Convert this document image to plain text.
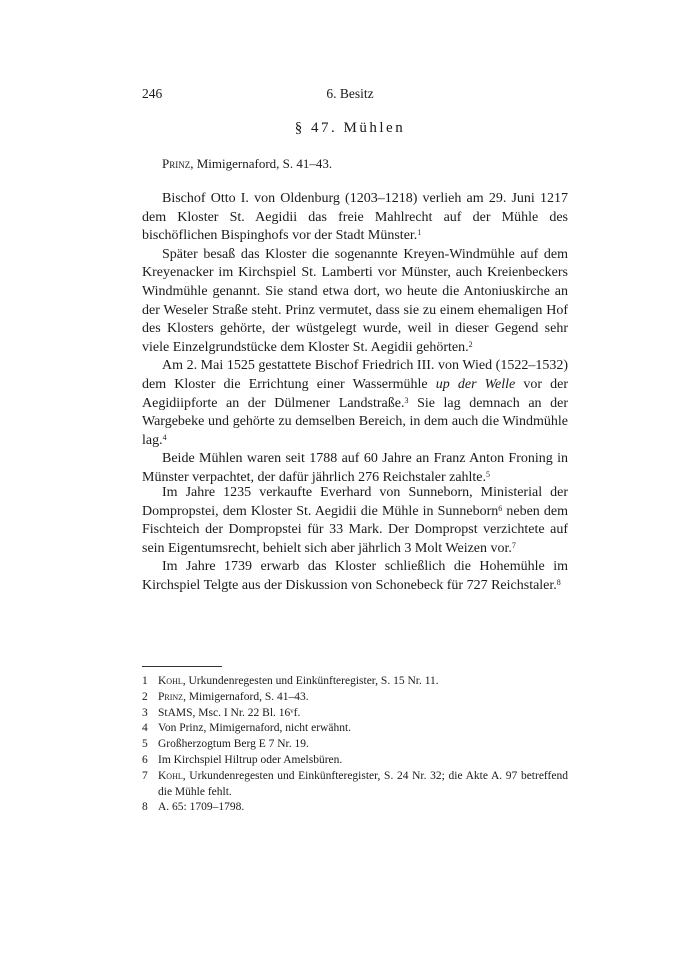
246	6. Besitz
§ 47. Mühlen
Prinz, Mimigernaford, S. 41–43.

Bischof Otto I. von Oldenburg (1203–1218) verlieh am 29. Juni 1217 dem Kloster St. Aegidii das freie Mahlrecht auf der Mühle des bischöflichen Bispinghofs vor der Stadt Münster.$^1$

Später besaß das Kloster die sogenannte Kreyen-Windmühle auf dem Kreyenacker im Kirchspiel St. Lamberti vor Münster, auch Kreienbeckers Windmühle genannt. Sie stand etwa dort, wo heute die Antoniuskirche an der Weseler Straße steht. Prinz vermutet, dass sie zu einem ehemaligen Hof des Klosters gehörte, der wüstgelegt wurde, weil in dieser Gegend sehr viele Einzelgrundstücke dem Kloster St. Aegidii gehörten.$^2$

Am 2. Mai 1525 gestattete Bischof Friedrich III. von Wied (1522–1532) dem Kloster die Errichtung einer Wassermühle up der Welle vor der Aegidiipforte an der Dülmener Landstraße.$^3$ Sie lag demnach an der Wargebeke und gehörte zu demselben Bereich, in dem auch die Windmühle lag.$^4$

Beide Mühlen waren seit 1788 auf 60 Jahre an Franz Anton Froning in Münster verpachtet, der dafür jährlich 276 Reichstaler zahlte.$^5$

Im Jahre 1235 verkaufte Everhard von Sunneborn, Ministerial der Dompropstei, dem Kloster St. Aegidii die Mühle in Sunneborn$^6$ neben dem Fischteich der Dompropstei für 33 Mark. Der Dompropst verzichtete auf sein Eigentumsrecht, behielt sich aber jährlich 3 Molt Weizen vor.$^7$

Im Jahre 1739 erwarb das Kloster schließlich die Hohemühle im Kirchspiel Telgte aus der Diskussion von Schonebeck für 727 Reichstaler.$^8$

1 Kohl, Urkundenregesten und Einkünfteregister, S. 15 Nr. 11.
2 Prinz, Mimigernaford, S. 41–43.
3 StAMS, Msc. I Nr. 22 Bl. 16ᵛf.
4 Von Prinz, Mimigernaford, nicht erwähnt.
5 Großherzogtum Berg E 7 Nr. 19.
6 Im Kirchspiel Hiltrup oder Amelsbüren.
7 Kohl, Urkundenregesten und Einkünfteregister, S. 24 Nr. 32; die Akte A. 97 betreffend die Mühle fehlt.
8 A. 65: 1709–1798.
